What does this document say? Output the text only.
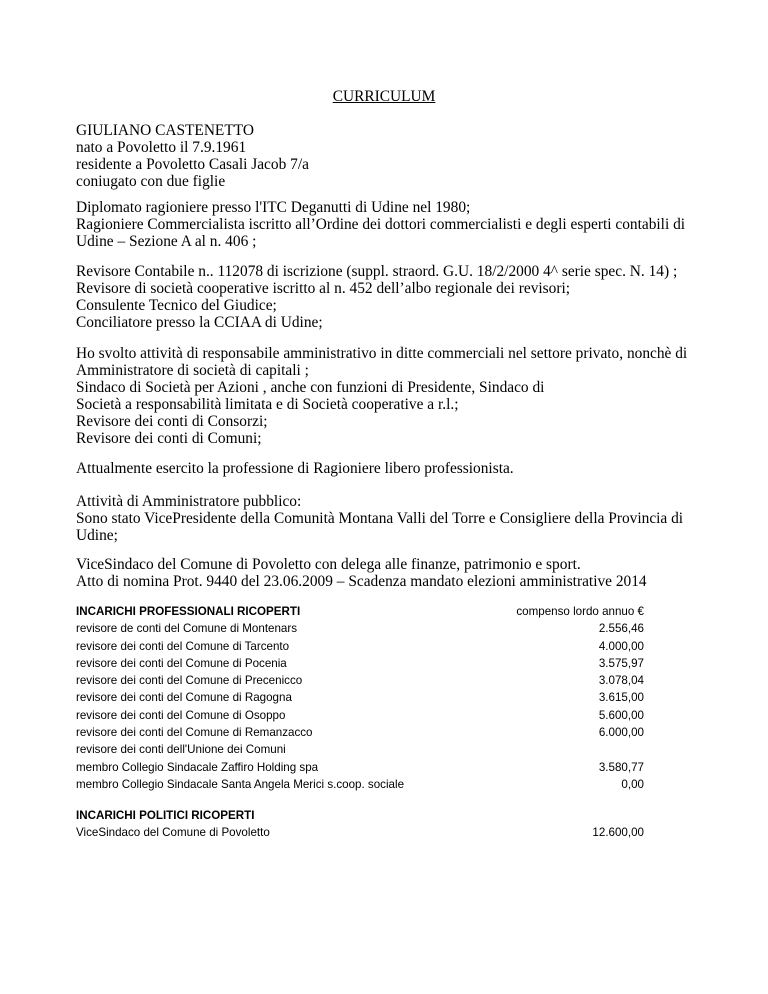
CURRICULUM
GIULIANO CASTENETTO
nato a Povoletto il 7.9.1961
residente a Povoletto Casali Jacob 7/a
coniugato con due figlie
Diplomato ragioniere presso l'ITC Deganutti di Udine nel 1980;
Ragioniere Commercialista iscritto all’Ordine dei dottori commercialisti e degli esperti contabili di
Udine – Sezione A al n. 406 ;
Revisore Contabile n.. 112078 di iscrizione (suppl. straord. G.U. 18/2/2000 4^ serie spec. N. 14) ;
Revisore di società cooperative iscritto al n. 452 dell’albo regionale dei revisori;
Consulente Tecnico del Giudice;
Conciliatore presso la CCIAA di Udine;
Ho svolto attività di responsabile amministrativo in ditte commerciali nel settore privato, nonchè di
Amministratore di società di capitali ;
Sindaco di Società per Azioni , anche con funzioni di Presidente, Sindaco di
Società a responsabilità limitata e di Società cooperative a r.l.;
Revisore dei conti di Consorzi;
Revisore dei conti di Comuni;
Attualmente esercito la professione di Ragioniere libero professionista.
Attività di Amministratore pubblico:
Sono stato VicePresidente della Comunità Montana Valli del Torre e Consigliere della Provincia di
Udine;
ViceSindaco del Comune di Povoletto con delega alle finanze, patrimonio e sport.
Atto di nomina Prot. 9440 del 23.06.2009 – Scadenza mandato elezioni amministrative 2014
INCARICHI PROFESSIONALI RICOPERTI	compenso lordo annuo €
revisore de conti del Comune di Montenars	2.556,46
revisore dei conti del Comune di Tarcento	4.000,00
revisore dei conti del Comune di Pocenia	3.575,97
revisore dei conti del Comune di Precenicco	3.078,04
revisore dei conti del Comune di Ragogna	3.615,00
revisore dei conti del Comune di Osoppo	5.600,00
revisore dei conti del Comune di Remanzacco	6.000,00
revisore dei conti dell'Unione dei Comuni
membro Collegio Sindacale Zaffiro Holding spa	3.580,77
membro Collegio Sindacale Santa Angela Merici s.coop. sociale	0,00
INCARICHI POLITICI RICOPERTI
ViceSindaco del Comune di Povoletto	12.600,00
